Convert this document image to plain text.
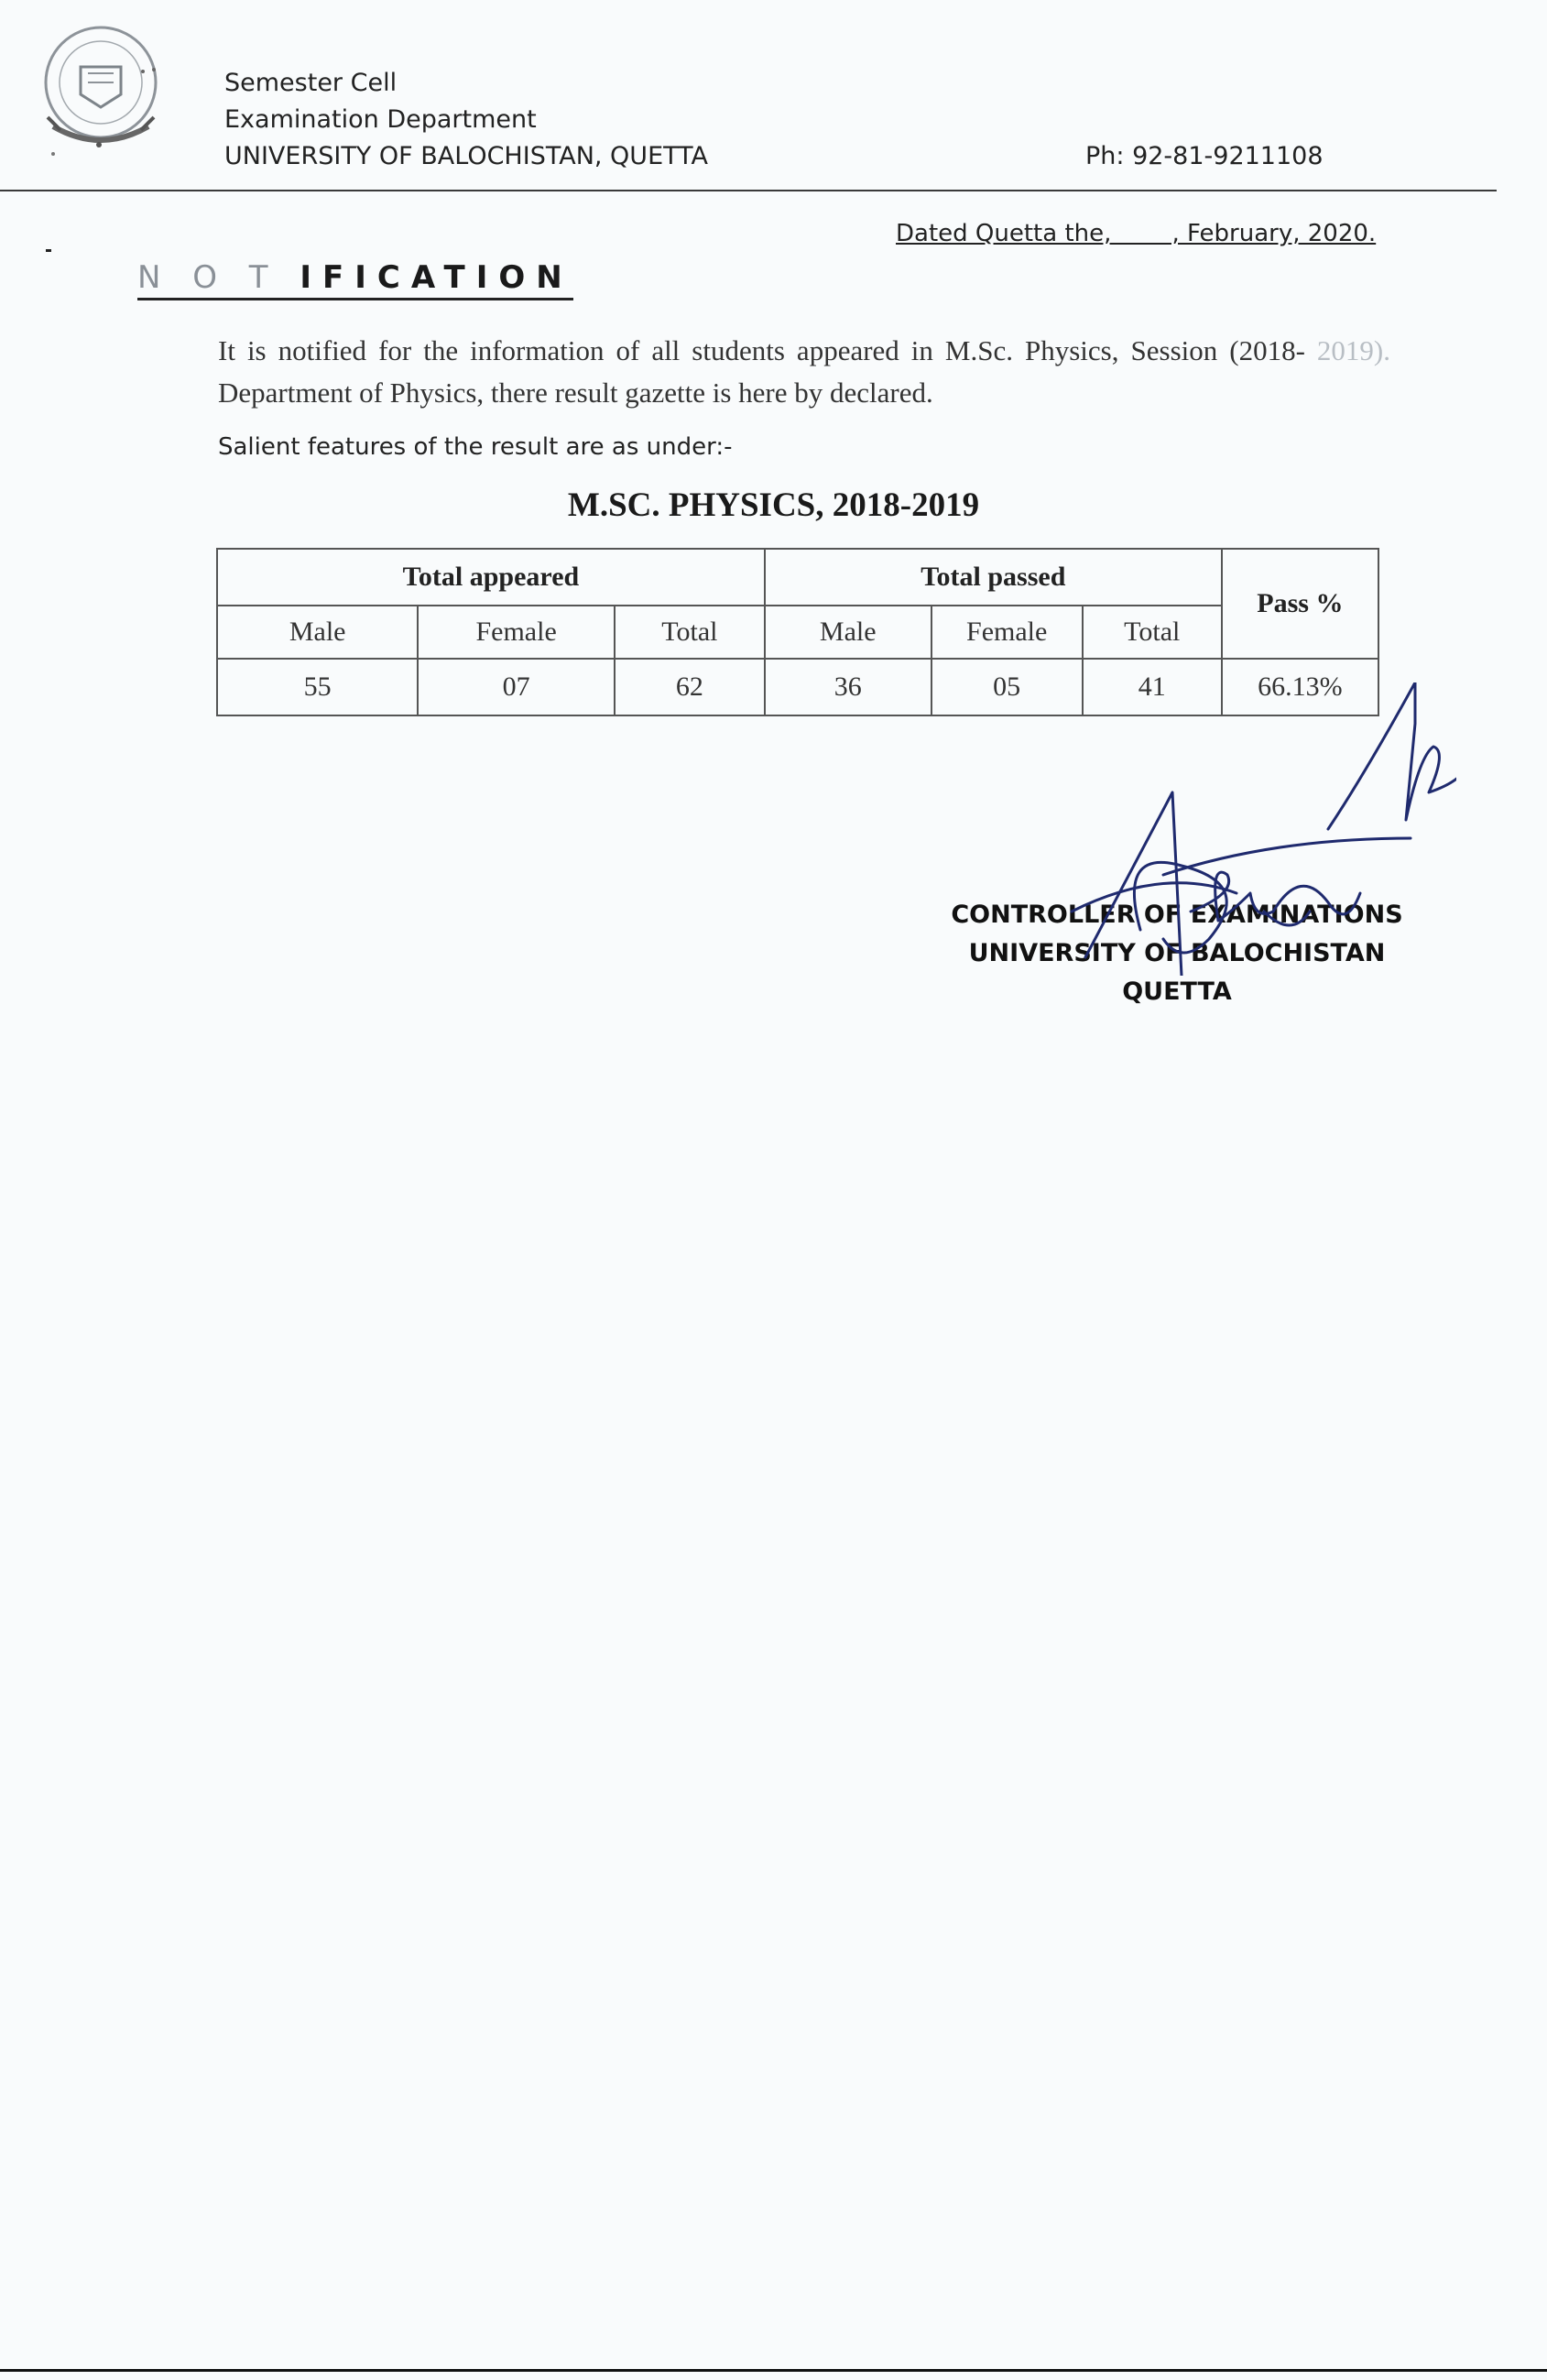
Semester Cell
Examination Department
UNIVERSITY OF BALOCHISTAN, QUETTA	Ph: 92-81-9211108
Dated Quetta the,        , February, 2020.
N O T IFICATION
It is notified for the information of all students appeared in M.Sc. Physics, Session (2018- 2019). Department of Physics, there result gazette is here by declared.
Salient features of the result are as under:-
M.SC. PHYSICS, 2018-2019
Total appeared			Total passed			Pass %
Male	Female	Total	Male	Female	Total	
55	07	62	36	05	41	66.13%
CONTROLLER OF EXAMINATIONS
UNIVERSITY OF BALOCHISTAN
QUETTA
